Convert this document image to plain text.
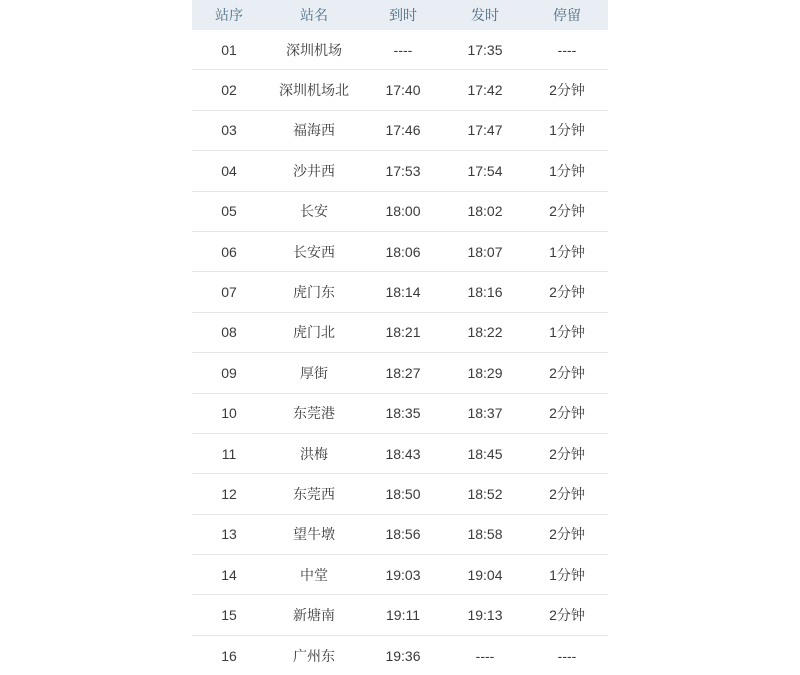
站序	站名	到时	发时	停留
01	深圳机场	----	17:35	----
02	深圳机场北	17:40	17:42	2分钟
03	福海西	17:46	17:47	1分钟
04	沙井西	17:53	17:54	1分钟
05	长安	18:00	18:02	2分钟
06	长安西	18:06	18:07	1分钟
07	虎门东	18:14	18:16	2分钟
08	虎门北	18:21	18:22	1分钟
09	厚街	18:27	18:29	2分钟
10	东莞港	18:35	18:37	2分钟
11	洪梅	18:43	18:45	2分钟
12	东莞西	18:50	18:52	2分钟
13	望牛墩	18:56	18:58	2分钟
14	中堂	19:03	19:04	1分钟
15	新塘南	19:11	19:13	2分钟
16	广州东	19:36	----	----
